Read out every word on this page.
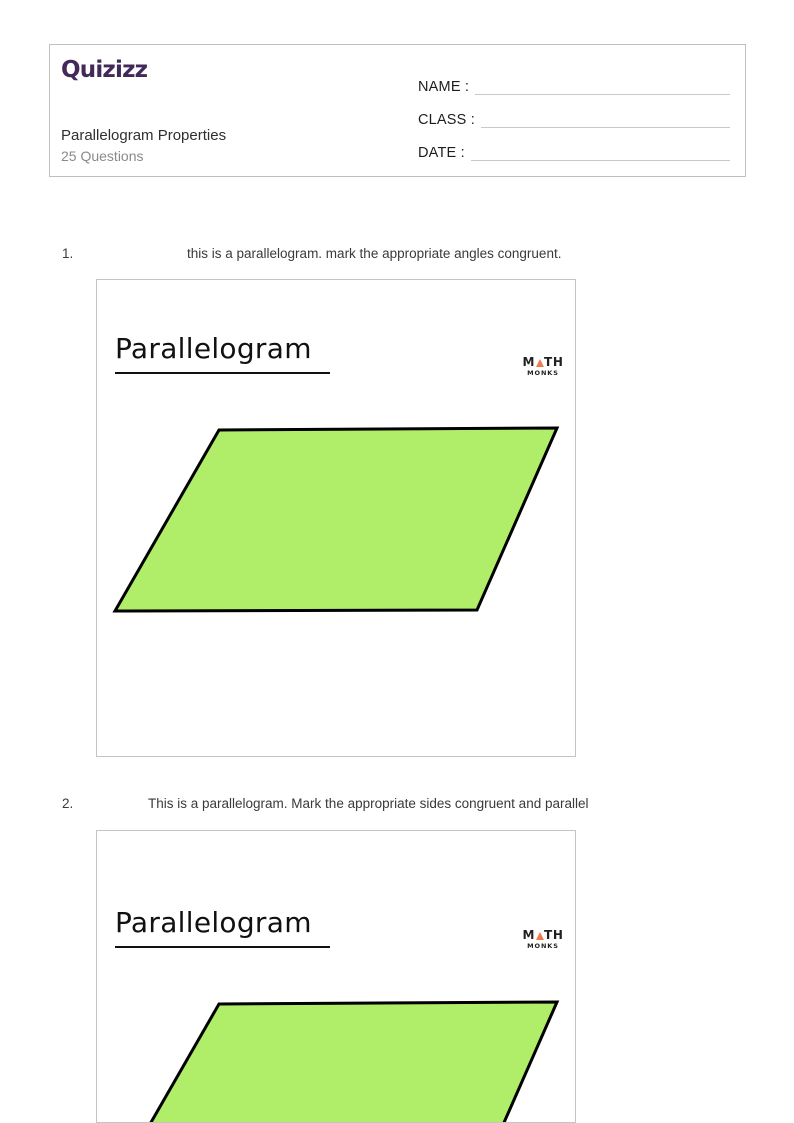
Quizizz
Parallelogram Properties
25 Questions
NAME :
CLASS :
DATE :
1.	this is a parallelogram. mark the appropriate angles congruent.
Parallelogram	M TH
MONKS
2.	This is a parallelogram. Mark the appropriate sides congruent and parallel
Parallelogram	M TH
MONKS
